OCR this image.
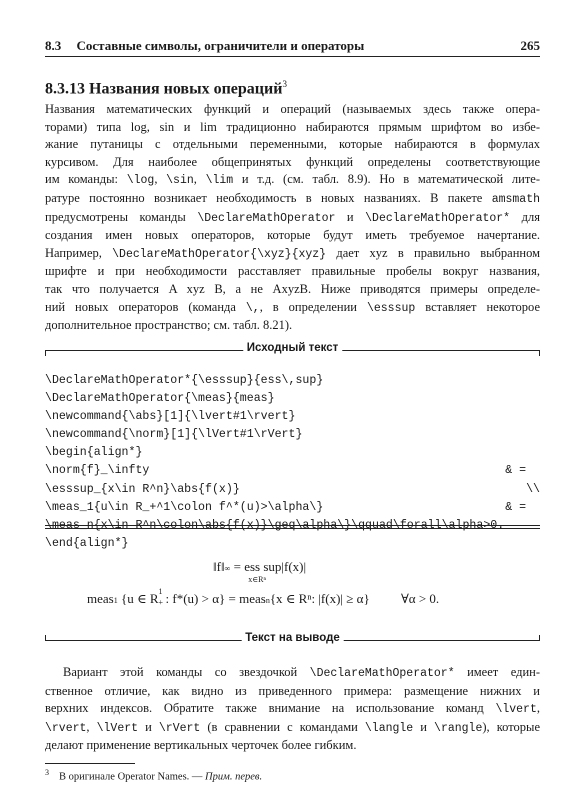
8.3 Составные символы, ограничители и операторы	265
8.3.13 Названия новых операций$^3$
Названия математических функций и операций (называемых здесь также опера-
торами) типа log, sin и lim традиционно набираются прямым шрифтом во избе-
жание путаницы с отдельными переменными, которые набираются в формулах
курсивом. Для наиболее общепринятых функций определены соответствующие
им команды: \log, \sin, \lim и т.д. (см. табл. 8.9). Но в математической лите-
ратуре постоянно возникает необходимость в новых названиях. В пакете amsmath
предусмотрены команды \DeclareMathOperator и \DeclareMathOperator* для
создания имен новых операторов, которые будут иметь требуемое начертание.
Например, \DeclareMathOperator{\xyz}{xyz} дает xyz в правильно выбранном
шрифте и при необходимости расставляет правильные пробелы вокруг названия,
так что получается A xyz B, а не AxyzB. Ниже приводятся примеры определе-
ний новых операторов (команда \,, в определении \esssup вставляет некоторое
дополнительное пространство; см. табл. 8.21).
Исходный текст
\DeclareMathOperator*{\esssup}{ess\,sup}
\DeclareMathOperator{\meas}{meas}
\newcommand{\abs}[1]{\lvert#1\rvert}
\newcommand{\norm}[1]{\lVert#1\rVert}
\begin{align*}
\norm{f}_\infty	& =
\esssup_{x\in R^n}\abs{f(x)}	\\
\meas_1{u\in R_+^1\colon f^*(u)>\alpha\}	& =
\meas_n{x\in R^n\colon\abs{f(x)}\geq\alpha\}\qquad\forall\alpha>0.
\end{align*}
‖f‖∞ = ess sup
x∈Rⁿ
|f(x)|
meas1 {u ∈ R 1
+ : f*(u) > α} = measn{x ∈ Rⁿ: |f(x)| ≥ α} ∀α > 0.
Текст на выводе
Вариант этой команды со звездочкой \DeclareMathOperator* имеет един-
ственное отличие, как видно из приведенного примера: размещение нижних и
верхних индексов. Обратите также внимание на использование команд \lvert,
\rvert, \lVert и \rVert (в сравнении с командами \langle и \rangle), которые
делают применение вертикальных черточек более гибким.
$^3$ В оригинале Operator Names. — Прим. перев.
